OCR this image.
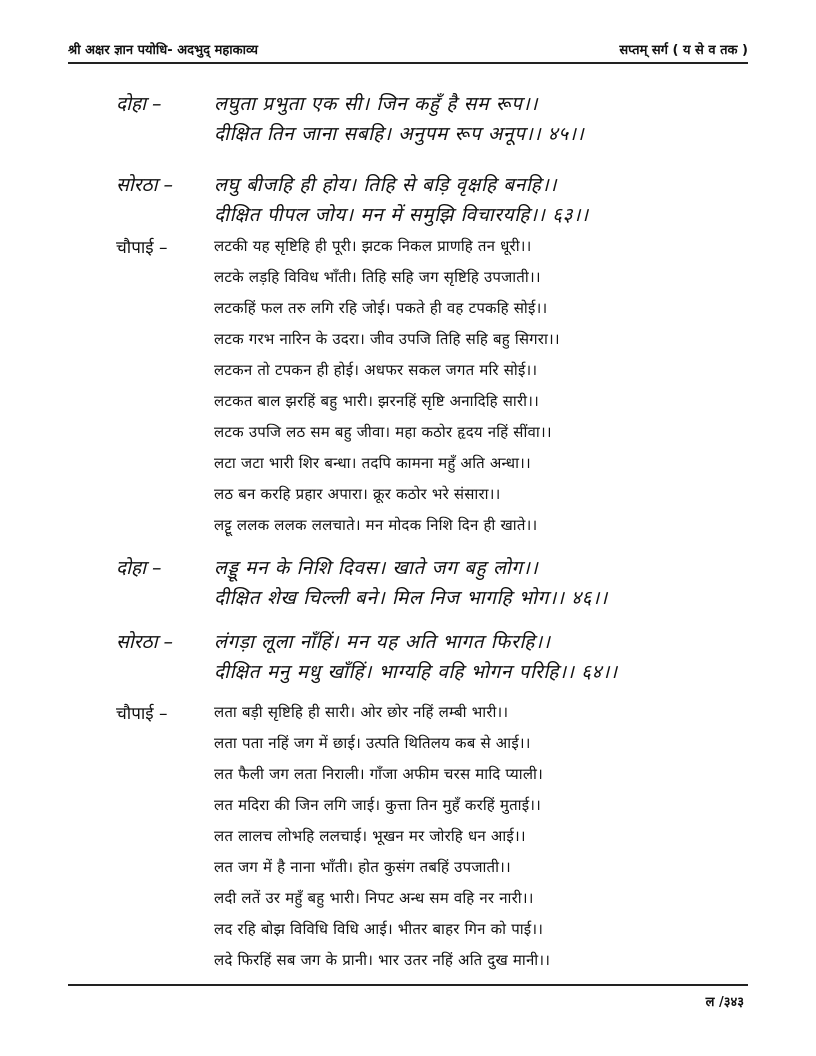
श्री अक्षर ज्ञान पयोधि- अदभुद् महाकाव्य	सप्तम् सर्ग ( य से व तक )
दोहा –	लघुता प्रभुता एक सी। जिन कहुँ है सम रूप।।
दीक्षित तिन जाना सबहि। अनुपम रूप अनूप।। ४५।।
सोरठा – लघु बीजहि ही होय। तिहि से बड़ि वृक्षहि बनहि।।
दीक्षित पीपल जोय। मन में समुझि विचारयहि।। ६३।।
चौपाई –	लटकी यह सृष्टिहि ही पूरी। झटक निकल प्राणहि तन धूरी।।
लटके लड़हि विविध भाँती। तिहि सहि जग सृष्टिहि उपजाती।।
लटकहिं फल तरु लगि रहि जोई। पकते ही वह टपकहि सोई।।
लटक गरभ नारिन के उदरा। जीव उपजि तिहि सहि बहु सिगरा।।
लटकन तो टपकन ही होई। अधफर सकल जगत मरि सोई।।
लटकत बाल झरहिं बहु भारी। झरनहिं सृष्टि अनादिहि सारी।।
लटक उपजि लठ सम बहु जीवा। महा कठोर हृदय नहिं सींवा।।
लटा जटा भारी शिर बन्धा। तदपि कामना महुँ अति अन्धा।।
लठ बन करहि प्रहार अपारा। क्रूर कठोर भरे संसारा।।
लट्टू ललक ललक ललचाते। मन मोदक निशि दिन ही खाते।।
दोहा –	लड्डू मन के निशि दिवस। खाते जग बहु लोग।।
दीक्षित शेख चिल्ली बने। मिल निज भागहि भोग।। ४६।।
सोरठा – लंगड़ा लूला नाँहिं। मन यह अति भागत फिरहि।।
दीक्षित मनु मधु खाँहिं। भाग्यहि वहि भोगन परिहि।। ६४।।
चौपाई –	लता बड़ी सृष्टिहि ही सारी। ओर छोर नहिं लम्बी भारी।।
लता पता नहिं जग में छाई। उत्पति थितिलय कब से आई।।
लत फैली जग लता निराली। गाँजा अफीम चरस मादि प्याली।
लत मदिरा की जिन लगि जाई। कुत्ता तिन मुहँ करहिं मुताई।।
लत लालच लोभहि ललचाई। भूखन मर जोरहि धन आई।।
लत जग में है नाना भाँती। होत कुसंग तबहिं उपजाती।।
लदी लतें उर महुँ बहु भारी। निपट अन्ध सम वहि नर नारी।।
लद रहि बोझ विविधि विधि आई। भीतर बाहर गिन को पाई।।
लदे फिरहिं सब जग के प्रानी। भार उतर नहिं अति दुख मानी।।
ल /३४३
